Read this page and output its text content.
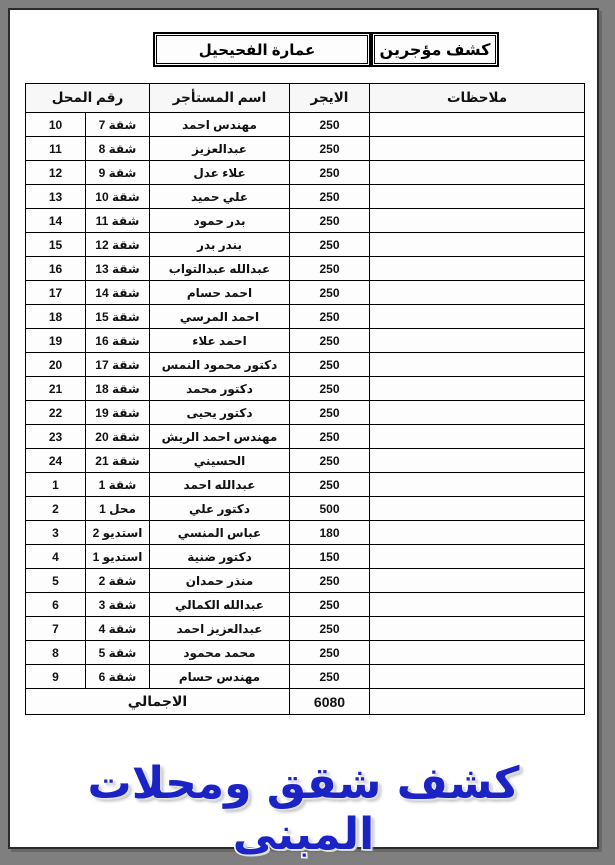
كشف مؤجرين
عمارة الفحيحيل
ملاحظات	الايجر	اسم المستأجر	رقم المحل	
	250	مهندس احمد	شقة 7	10
	250	عبدالعزيز	شقة 8	11
	250	علاء عدل	شقة 9	12
	250	علي حميد	شقة 10	13
	250	بدر حمود	شقة 11	14
	250	بندر بدر	شقة 12	15
	250	عبدالله عبدالتواب	شقة 13	16
	250	احمد حسام	شقة 14	17
	250	احمد المرسي	شقة 15	18
	250	احمد علاء	شقة 16	19
	250	دكتور محمود النمس	شقة 17	20
	250	دكتور محمد	شقة 18	21
	250	دكتور يحيى	شقة 19	22
	250	مهندس احمد الريش	شقة 20	23
	250	الحسيني	شقة 21	24
	250	عبدالله احمد	شقة 1	1
	500	دكتور علي	محل 1	2
	180	عباس المنسي	استديو 2	3
	150	دكتور ضنية	استديو 1	4
	250	منذر حمدان	شقة 2	5
	250	عبدالله الكمالي	شقة 3	6
	250	عبدالعزيز احمد	شقة 4	7
	250	محمد محمود	شقة 5	8
	250	مهندس حسام	شقة 6	9
	6080	الاجمالي		
كشف شقق ومحلات المبنى
